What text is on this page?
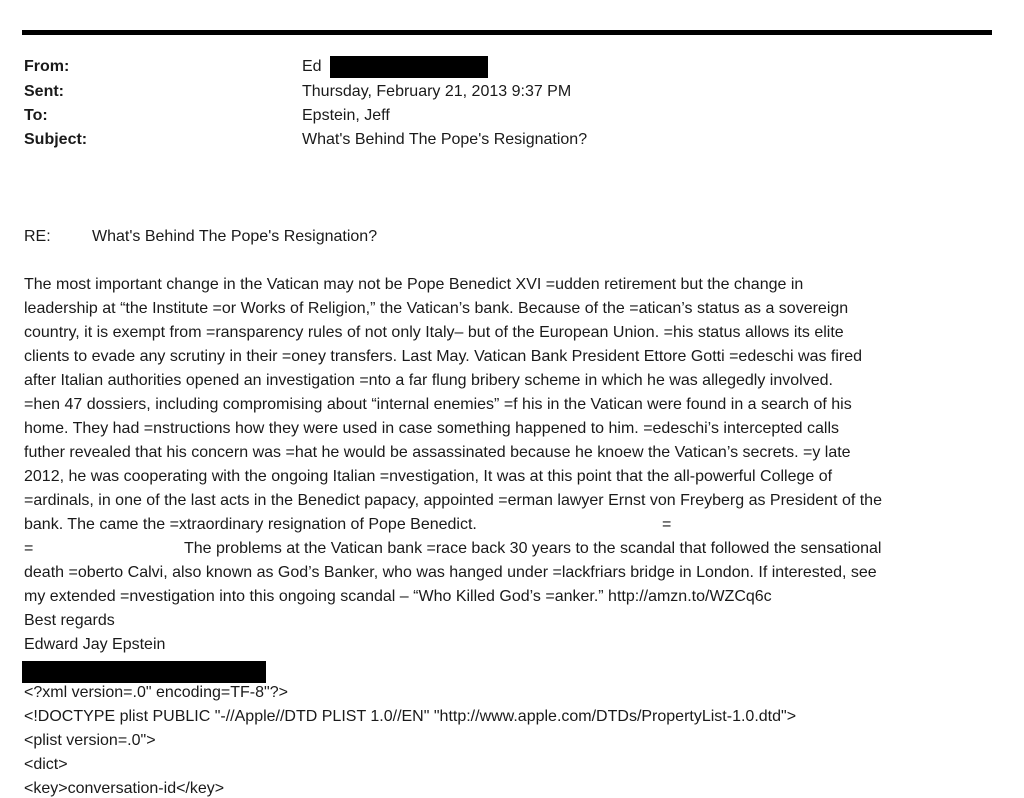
From:	Ed
Sent:	Thursday, February 21, 2013 9:37 PM
To:	Epstein, Jeff
Subject:	What's Behind The Pope's Resignation?
RE:	What's Behind The Pope's Resignation?
The most important change in the Vatican may not be Pope Benedict XVI =udden retirement but the change in
leadership at “the Institute =or Works of Religion,” the Vatican’s bank. Because of the =atican’s status as a sovereign
country, it is exempt from =ransparency rules of not only Italy– but of the European Union. =his status allows its elite
clients to evade any scrutiny in their =oney transfers. Last May. Vatican Bank President Ettore Gotti =edeschi was fired
after Italian authorities opened an investigation =nto a far flung bribery scheme in which he was allegedly involved.
=hen 47 dossiers, including compromising about “internal enemies” =f his in the Vatican were found in a search of his
home. They had =nstructions how they were used in case something happened to him. =edeschi’s intercepted calls
futher revealed that his concern was =hat he would be assassinated because he knoew the Vatican’s secrets. =y late
2012, he was cooperating with the ongoing Italian =nvestigation, It was at this point that the all-powerful College of
=ardinals, in one of the last acts in the Benedict papacy, appointed =erman lawyer Ernst von Freyberg as President of the
bank. The came the =xtraordinary resignation of Pope Benedict.	=
=	The problems at the Vatican bank =race back 30 years to the scandal that followed the sensational
death =oberto Calvi, also known as God’s Banker, who was hanged under =lackfriars bridge in London. If interested, see
my extended =nvestigation into this ongoing scandal – “Who Killed God’s =anker.” http://amzn.to/WZCq6c
Best regards
Edward Jay Epstein
<?xml version=.0" encoding=TF-8"?>
<!DOCTYPE plist PUBLIC "-//Apple//DTD PLIST 1.0//EN" "http://www.apple.com/DTDs/PropertyList-1.0.dtd">
<plist version=.0">
<dict>
<key>conversation-id</key>
